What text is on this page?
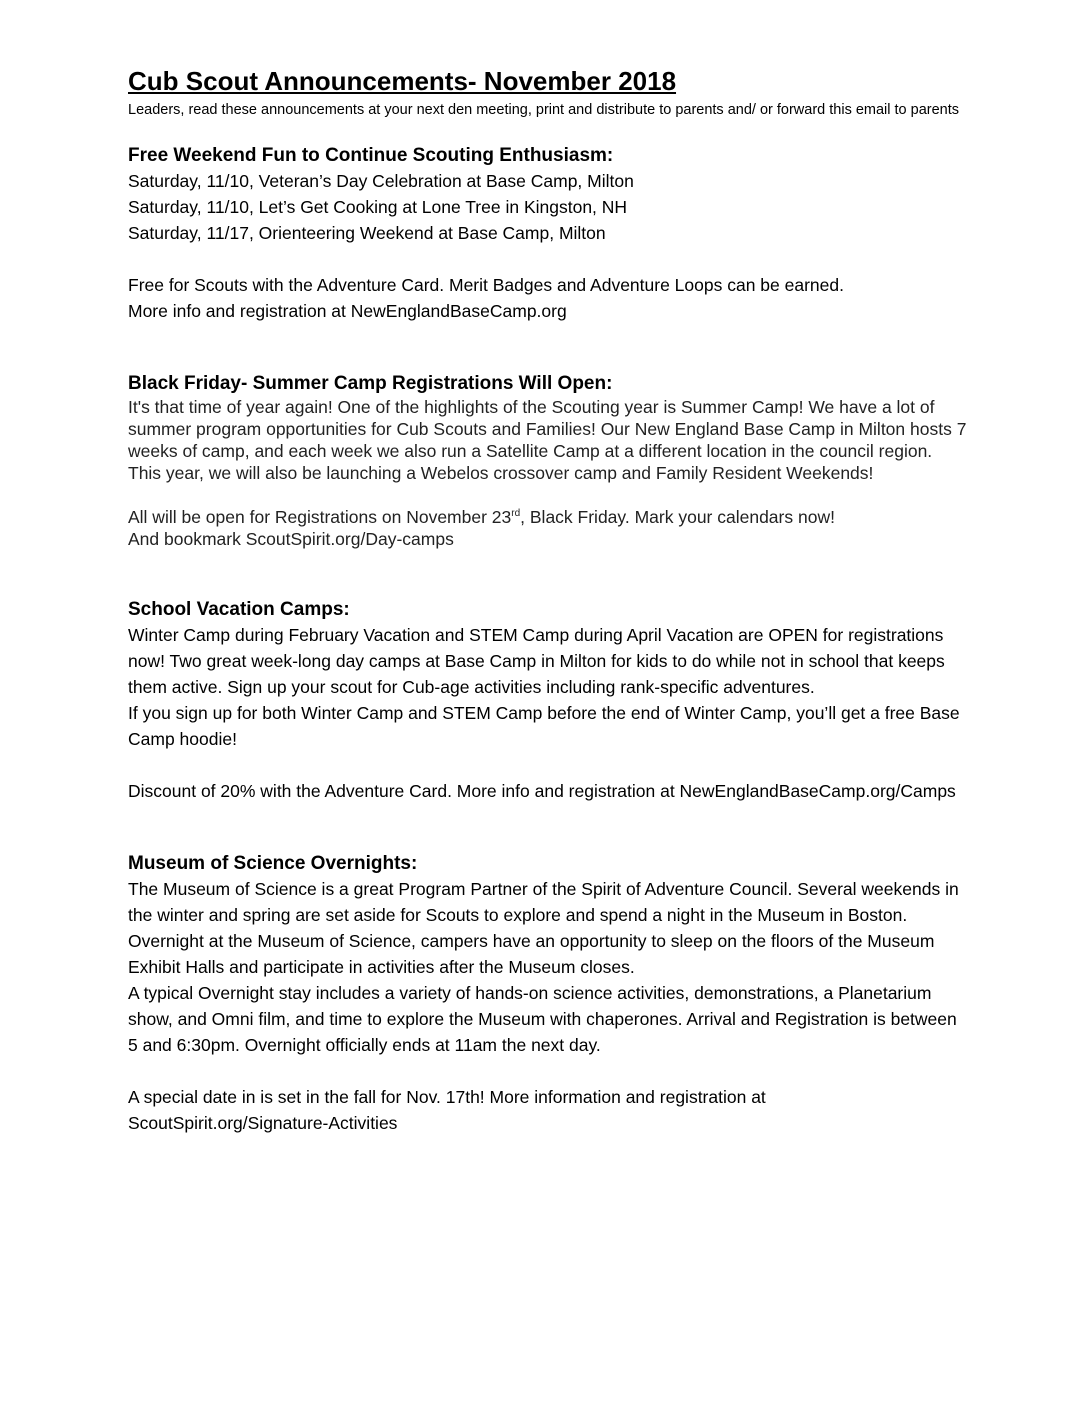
Cub Scout Announcements- November 2018

Leaders, read these announcements at your next den meeting, print and distribute to parents and/ or forward this email to parents

Free Weekend Fun to Continue Scouting Enthusiasm:

Saturday, 11/10, Veteran’s Day Celebration at Base Camp, Milton

Saturday, 11/10, Let’s Get Cooking at Lone Tree in Kingston, NH

Saturday, 11/17, Orienteering Weekend at Base Camp, Milton

Free for Scouts with the Adventure Card. Merit Badges and Adventure Loops can be earned.

More info and registration at NewEnglandBaseCamp.org

Black Friday- Summer Camp Registrations Will Open:

It's that time of year again! One of the highlights of the Scouting year is Summer Camp! We have a lot of summer program opportunities for Cub Scouts and Families! Our New England Base Camp in Milton hosts 7 weeks of camp, and each week we also run a Satellite Camp at a different location in the council region. This year, we will also be launching a Webelos crossover camp and Family Resident Weekends!

All will be open for Registrations on November 23rd, Black Friday. Mark your calendars now!

And bookmark ScoutSpirit.org/Day-camps

School Vacation Camps:

Winter Camp during February Vacation and STEM Camp during April Vacation are OPEN for registrations now! Two great week-long day camps at Base Camp in Milton for kids to do while not in school that keeps them active. Sign up your scout for Cub-age activities including rank-specific adventures.

If you sign up for both Winter Camp and STEM Camp before the end of Winter Camp, you’ll get a free Base Camp hoodie!

Discount of 20% with the Adventure Card. More info and registration at NewEnglandBaseCamp.org/Camps

Museum of Science Overnights:

The Museum of Science is a great Program Partner of the Spirit of Adventure Council. Several weekends in the winter and spring are set aside for Scouts to explore and spend a night in the Museum in Boston.

Overnight at the Museum of Science, campers have an opportunity to sleep on the floors of the Museum Exhibit Halls and participate in activities after the Museum closes.

A typical Overnight stay includes a variety of hands-on science activities, demonstrations, a Planetarium show, and Omni film, and time to explore the Museum with chaperones. Arrival and Registration is between 5 and 6:30pm. Overnight officially ends at 11am the next day.

A special date in is set in the fall for Nov. 17th! More information and registration at ScoutSpirit.org/Signature-Activities
